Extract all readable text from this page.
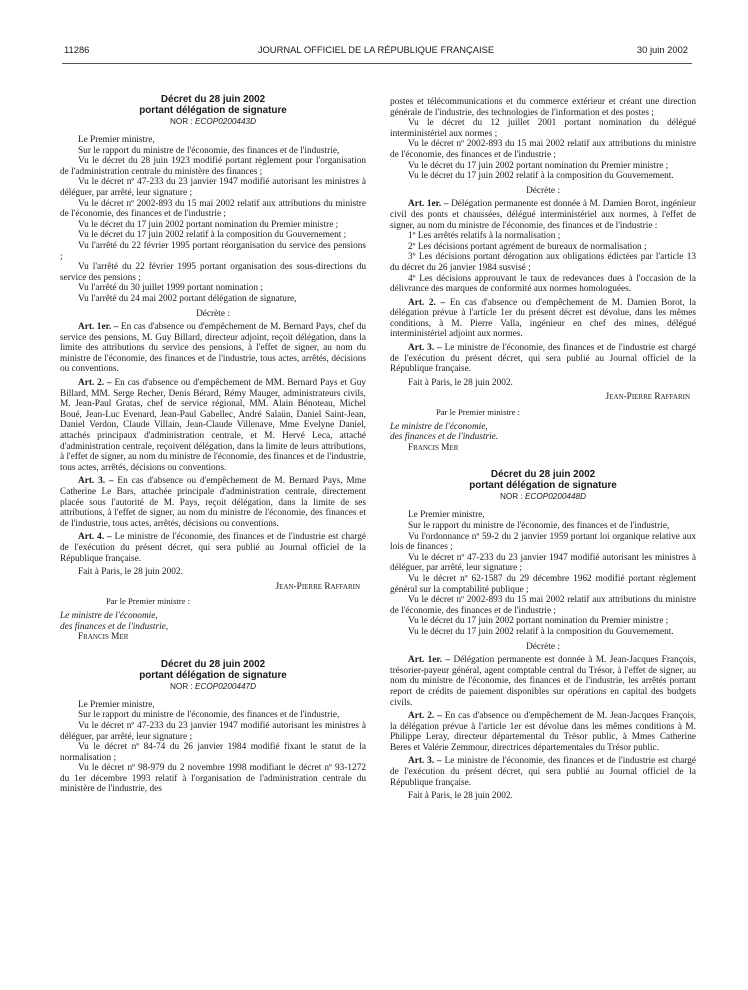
11286	JOURNAL OFFICIEL DE LA RÉPUBLIQUE FRANÇAISE	30 juin 2002

Décret du 28 juin 2002

portant délégation de signature

NOR : ECOP0200443D

Le Premier ministre,

Sur le rapport du ministre de l'économie, des finances et de l'industrie,

Vu le décret du 28 juin 1923 modifié portant règlement pour l'organisation de l'administration centrale du ministère des finances ;

Vu le décret nº 47-233 du 23 janvier 1947 modifié autorisant les ministres à déléguer, par arrêté, leur signature ;

Vu le décret nº 2002-893 du 15 mai 2002 relatif aux attributions du ministre de l'économie, des finances et de l'industrie ;

Vu le décret du 17 juin 2002 portant nomination du Premier ministre ;

Vu le décret du 17 juin 2002 relatif à la composition du Gouvernement ;

Vu l'arrêté du 22 février 1995 portant réorganisation du service des pensions ;

Vu l'arrêté du 22 février 1995 portant organisation des sous-directions du service des pensions ;

Vu l'arrêté du 30 juillet 1999 portant nomination ;

Vu l'arrêté du 24 mai 2002 portant délégation de signature,

Décrète :

Art. 1er. – En cas d'absence ou d'empêchement de M. Bernard Pays, chef du service des pensions, M. Guy Billard, directeur adjoint, reçoit délégation, dans la limite des attributions du service des pensions, à l'effet de signer, au nom du ministre de l'économie, des finances et de l'industrie, tous actes, arrêtés, décisions ou conventions.

Art. 2. – En cas d'absence ou d'empêchement de MM. Bernard Pays et Guy Billard, MM. Serge Recher, Denis Bérard, Rémy Mauger, administrateurs civils, M. Jean-Paul Gratas, chef de service régional, MM. Alain Bénoteau, Michel Boué, Jean-Luc Evenard, Jean-Paul Gabellec, André Salaün, Daniel Saint-Jean, Daniel Verdon, Claude Villain, Jean-Claude Villenave, Mme Evelyne Daniel, attachés principaux d'administration centrale, et M. Hervé Leca, attaché d'administration centrale, reçoivent délégation, dans la limite de leurs attributions, à l'effet de signer, au nom du ministre de l'économie, des finances et de l'industrie, tous actes, arrêtés, décisions ou conventions.

Art. 3. – En cas d'absence ou d'empêchement de M. Bernard Pays, Mme Catherine Le Bars, attachée principale d'administration centrale, directement placée sous l'autorité de M. Pays, reçoit délégation, dans la limite de ses attributions, à l'effet de signer, au nom du ministre de l'économie, des finances et de l'industrie, tous actes, arrêtés, décisions ou conventions.

Art. 4. – Le ministre de l'économie, des finances et de l'industrie est chargé de l'exécution du présent décret, qui sera publié au Journal officiel de la République française.

Fait à Paris, le 28 juin 2002.

Jean-Pierre Raffarin

Par le Premier ministre :

Le ministre de l'économie,

des finances et de l'industrie,

Francis Mer

Décret du 28 juin 2002

portant délégation de signature

NOR : ECOP0200447D

Le Premier ministre,

Sur le rapport du ministre de l'économie, des finances et de l'industrie,

Vu le décret nº 47-233 du 23 janvier 1947 modifié autorisant les ministres à déléguer, par arrêté, leur signature ;

Vu le décret nº 84-74 du 26 janvier 1984 modifié fixant le statut de la normalisation ;

Vu le décret nº 98-979 du 2 novembre 1998 modifiant le décret nº 93-1272 du 1er décembre 1993 relatif à l'organisation de l'administration centrale du ministère de l'industrie, des

postes et télécommunications et du commerce extérieur et créant une direction générale de l'industrie, des technologies de l'information et des postes ;

Vu le décret du 12 juillet 2001 portant nomination du délégué interministériel aux normes ;

Vu le décret nº 2002-893 du 15 mai 2002 relatif aux attributions du ministre de l'économie, des finances et de l'industrie ;

Vu le décret du 17 juin 2002 portant nomination du Premier ministre ;

Vu le décret du 17 juin 2002 relatif à la composition du Gouvernement.

Décrète :

Art. 1er. – Délégation permanente est donnée à M. Damien Borot, ingénieur civil des ponts et chaussées, délégué interministériel aux normes, à l'effet de signer, au nom du ministre de l'économie, des finances et de l'industrie :

1º Les arrêtés relatifs à la normalisation ;

2º Les décisions portant agrément de bureaux de normalisation ;

3º Les décisions portant dérogation aux obligations édictées par l'article 13 du décret du 26 janvier 1984 susvisé ;

4º Les décisions approuvant le taux de redevances dues à l'occasion de la délivrance des marques de conformité aux normes homologuées.

Art. 2. – En cas d'absence ou d'empêchement de M. Damien Borot, la délégation prévue à l'article 1er du présent décret est dévolue, dans les mêmes conditions, à M. Pierre Valla, ingénieur en chef des mines, délégué interministériel adjoint aux normes.

Art. 3. – Le ministre de l'économie, des finances et de l'industrie est chargé de l'exécution du présent décret, qui sera publié au Journal officiel de la République française.

Fait à Paris, le 28 juin 2002.

Jean-Pierre Raffarin

Par le Premier ministre :

Le ministre de l'économie,

des finances et de l'industrie.

Francis Mer

Décret du 28 juin 2002

portant délégation de signature

NOR : ECOP0200448D

Le Premier ministre,

Sur le rapport du ministre de l'économie, des finances et de l'industrie,

Vu l'ordonnance nº 59-2 du 2 janvier 1959 portant loi organique relative aux lois de finances ;

Vu le décret nº 47-233 du 23 janvier 1947 modifié autorisant les ministres à déléguer, par arrêté, leur signature ;

Vu le décret nº 62-1587 du 29 décembre 1962 modifié portant règlement général sur la comptabilité publique ;

Vu le décret nº 2002-893 du 15 mai 2002 relatif aux attributions du ministre de l'économie, des finances et de l'industrie ;

Vu le décret du 17 juin 2002 portant nomination du Premier ministre ;

Vu le décret du 17 juin 2002 relatif à la composition du Gouvernement.

Décrète :

Art. 1er. – Délégation permanente est donnée à M. Jean-Jacques François, trésorier-payeur général, agent comptable central du Trésor, à l'effet de signer, au nom du ministre de l'économie, des finances et de l'industrie, les arrêtés portant report de crédits de paiement disponibles sur opérations en capital des budgets civils.

Art. 2. – En cas d'absence ou d'empêchement de M. Jean-Jacques François, la délégation prévue à l'article 1er est dévolue dans les mêmes conditions à M. Philippe Leray, directeur départemental du Trésor public, à Mmes Catherine Beres et Valérie Zemmour, directrices départementales du Trésor public.

Art. 3. – Le ministre de l'économie, des finances et de l'industrie est chargé de l'exécution du présent décret, qui sera publié au Journal officiel de la République française.

Fait à Paris, le 28 juin 2002.
